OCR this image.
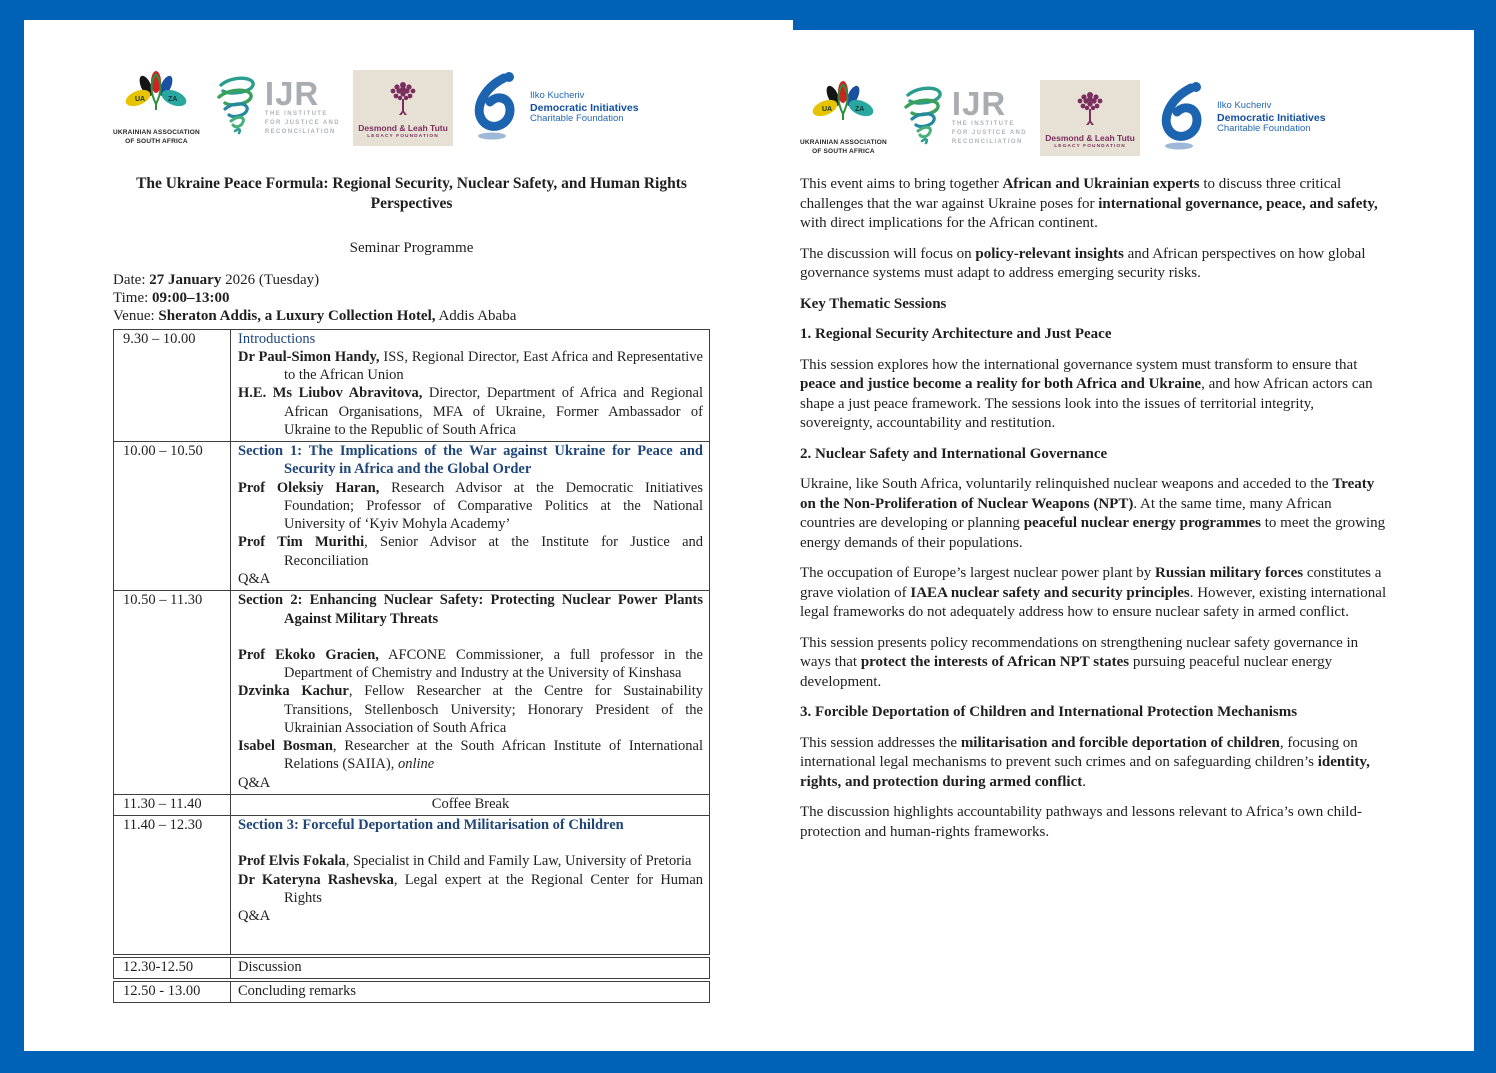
UA	ZA
UKRAINIAN ASSOCIATION
OF SOUTH AFRICA
IJR
THE INSTITUTE
FOR JUSTICE AND
RECONCILIATION	Desmond & Leah Tutu
LEGACY FOUNDATION
Ilko Kucheriv
Democratic Initiatives
Charitable Foundation
The Ukraine Peace Formula: Regional Security, Nuclear Safety, and Human Rights Perspectives
Seminar Programme

Date: 27 January 2026 (Tuesday)

Time: 09:00–13:00

Venue: Sheraton Addis, a Luxury Collection Hotel, Addis Ababa

9.30 – 10.00	Introductions

Dr Paul-Simon Handy, ISS, Regional Director, East Africa and Representative to the African Union

H.E. Ms Liubov Abravitova, Director, Department of Africa and Regional African Organisations, MFA of Ukraine, Former Ambassador of Ukraine to the Republic of South Africa

10.00 – 10.50	Section 1: The Implications of the War against Ukraine for Peace and Security in Africa and the Global Order

Prof Oleksiy Haran, Research Advisor at the Democratic Initiatives Foundation; Professor of Comparative Politics at the National University of ‘Kyiv Mohyla Academy’

Prof Tim Murithi, Senior Advisor at the Institute for Justice and Reconciliation

Q&A

10.50 – 11.30	Section 2: Enhancing Nuclear Safety: Protecting Nuclear Power Plants Against Military Threats

Prof Ekoko Gracien, AFCONE Commissioner, a full professor in the Department of Chemistry and Industry at the University of Kinshasa

Dzvinka Kachur, Fellow Researcher at the Centre for Sustainability Transitions, Stellenbosch University; Honorary President of the Ukrainian Association of South Africa

Isabel Bosman, Researcher at the South African Institute of International Relations (SAIIA), online

Q&A

11.30 – 11.40	Coffee Break

11.40 – 12.30	Section 3: Forceful Deportation and Militarisation of Children

Prof Elvis Fokala, Specialist in Child and Family Law, University of Pretoria

Dr Kateryna Rashevska, Legal expert at the Regional Center for Human Rights

Q&A

12.30-12.50	Discussion

12.50 - 13.00	Concluding remarks

UA	ZA
UKRAINIAN ASSOCIATION
OF SOUTH AFRICA
IJR
THE INSTITUTE
FOR JUSTICE AND
RECONCILIATION	Desmond & Leah Tutu
LEGACY FOUNDATION
Ilko Kucheriv
Democratic Initiatives
Charitable Foundation

This event aims to bring together African and Ukrainian experts to discuss three critical challenges that the war against Ukraine poses for international governance, peace, and safety, with direct implications for the African continent.

The discussion will focus on policy-relevant insights and African perspectives on how global governance systems must adapt to address emerging security risks.

Key Thematic Sessions

1. Regional Security Architecture and Just Peace

This session explores how the international governance system must transform to ensure that peace and justice become a reality for both Africa and Ukraine, and how African actors can shape a just peace framework. The sessions look into the issues of territorial integrity, sovereignty, accountability and restitution.

2. Nuclear Safety and International Governance

Ukraine, like South Africa, voluntarily relinquished nuclear weapons and acceded to the Treaty on the Non-Proliferation of Nuclear Weapons (NPT). At the same time, many African countries are developing or planning peaceful nuclear energy programmes to meet the growing energy demands of their populations.

The occupation of Europe’s largest nuclear power plant by Russian military forces constitutes a grave violation of IAEA nuclear safety and security principles. However, existing international legal frameworks do not adequately address how to ensure nuclear safety in armed conflict.

This session presents policy recommendations on strengthening nuclear safety governance in ways that protect the interests of African NPT states pursuing peaceful nuclear energy development.

3. Forcible Deportation of Children and International Protection Mechanisms

This session addresses the militarisation and forcible deportation of children, focusing on international legal mechanisms to prevent such crimes and on safeguarding children’s identity, rights, and protection during armed conflict.

The discussion highlights accountability pathways and lessons relevant to Africa’s own child-protection and human-rights frameworks.
